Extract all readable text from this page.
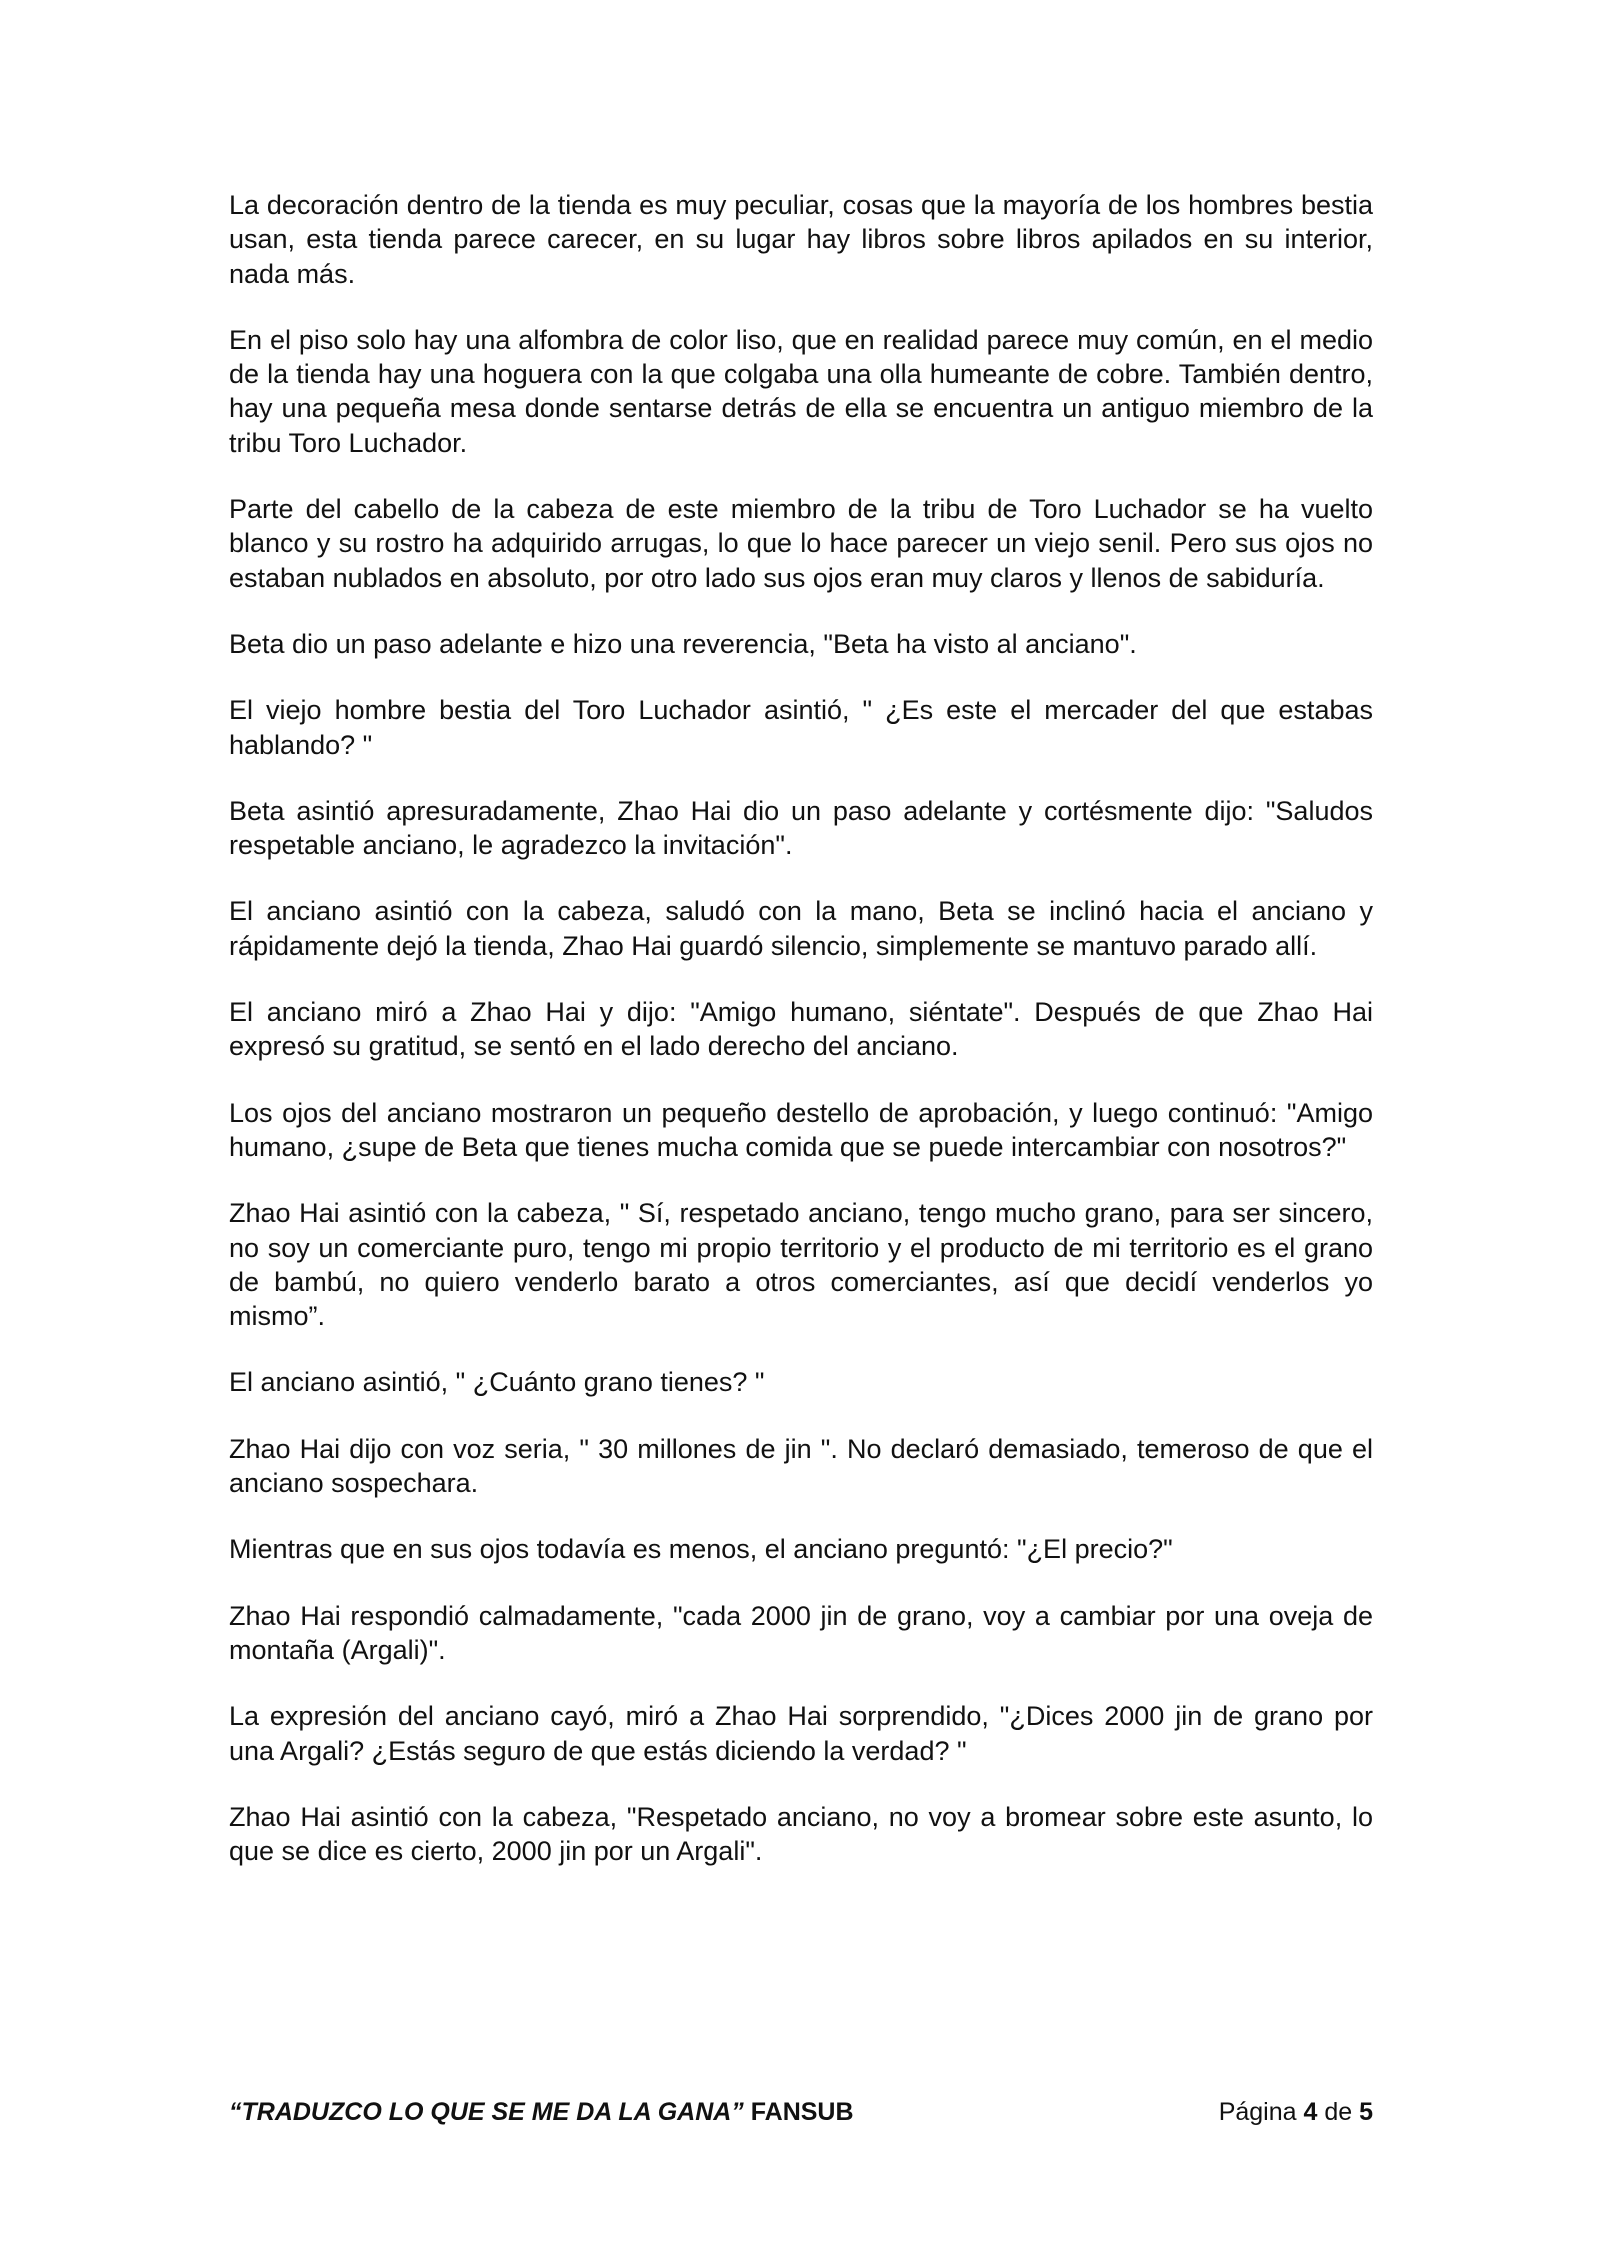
La decoración dentro de la tienda es muy peculiar, cosas que la mayoría de los hombres bestia usan, esta tienda parece carecer, en su lugar hay libros sobre libros apilados en su interior, nada más.

En el piso solo hay una alfombra de color liso, que en realidad parece muy común, en el medio de la tienda hay una hoguera con la que colgaba una olla humeante de cobre. También dentro, hay una pequeña mesa donde sentarse detrás de ella se encuentra un antiguo miembro de la tribu Toro Luchador.

Parte del cabello de la cabeza de este miembro de la tribu de Toro Luchador se ha vuelto blanco y su rostro ha adquirido arrugas, lo que lo hace parecer un viejo senil. Pero sus ojos no estaban nublados en absoluto, por otro lado sus ojos eran muy claros y llenos de sabiduría.

Beta dio un paso adelante e hizo una reverencia, "Beta ha visto al anciano".

El viejo hombre bestia del Toro Luchador asintió, " ¿Es este el mercader del que estabas hablando? "

Beta asintió apresuradamente, Zhao Hai dio un paso adelante y cortésmente dijo: "Saludos respetable anciano, le agradezco la invitación".

El anciano asintió con la cabeza, saludó con la mano, Beta se inclinó hacia el anciano y rápidamente dejó la tienda, Zhao Hai guardó silencio, simplemente se mantuvo parado allí.

El anciano miró a Zhao Hai y dijo: "Amigo humano, siéntate". Después de que Zhao Hai expresó su gratitud, se sentó en el lado derecho del anciano.

Los ojos del anciano mostraron un pequeño destello de aprobación, y luego continuó: "Amigo humano, ¿supe de Beta que tienes mucha comida que se puede intercambiar con nosotros?"

Zhao Hai asintió con la cabeza, " Sí, respetado anciano, tengo mucho grano, para ser sincero, no soy un comerciante puro, tengo mi propio territorio y el producto de mi territorio es el grano de bambú, no quiero venderlo barato a otros comerciantes, así que decidí venderlos yo mismo”.

El anciano asintió, " ¿Cuánto grano tienes? "

Zhao Hai dijo con voz seria, " 30 millones de jin ". No declaró demasiado, temeroso de que el anciano sospechara.

Mientras que en sus ojos todavía es menos, el anciano preguntó: "¿El precio?"

Zhao Hai respondió calmadamente, "cada 2000 jin de grano, voy a cambiar por una oveja de montaña (Argali)".

La expresión del anciano cayó, miró a Zhao Hai sorprendido, "¿Dices 2000 jin de grano por una Argali? ¿Estás seguro de que estás diciendo la verdad? "

Zhao Hai asintió con la cabeza, "Respetado anciano, no voy a bromear sobre este asunto, lo que se dice es cierto, 2000 jin por un Argali".

“TRADUZCO LO QUE SE ME DA LA GANA” FANSUB	Página 4 de 5
